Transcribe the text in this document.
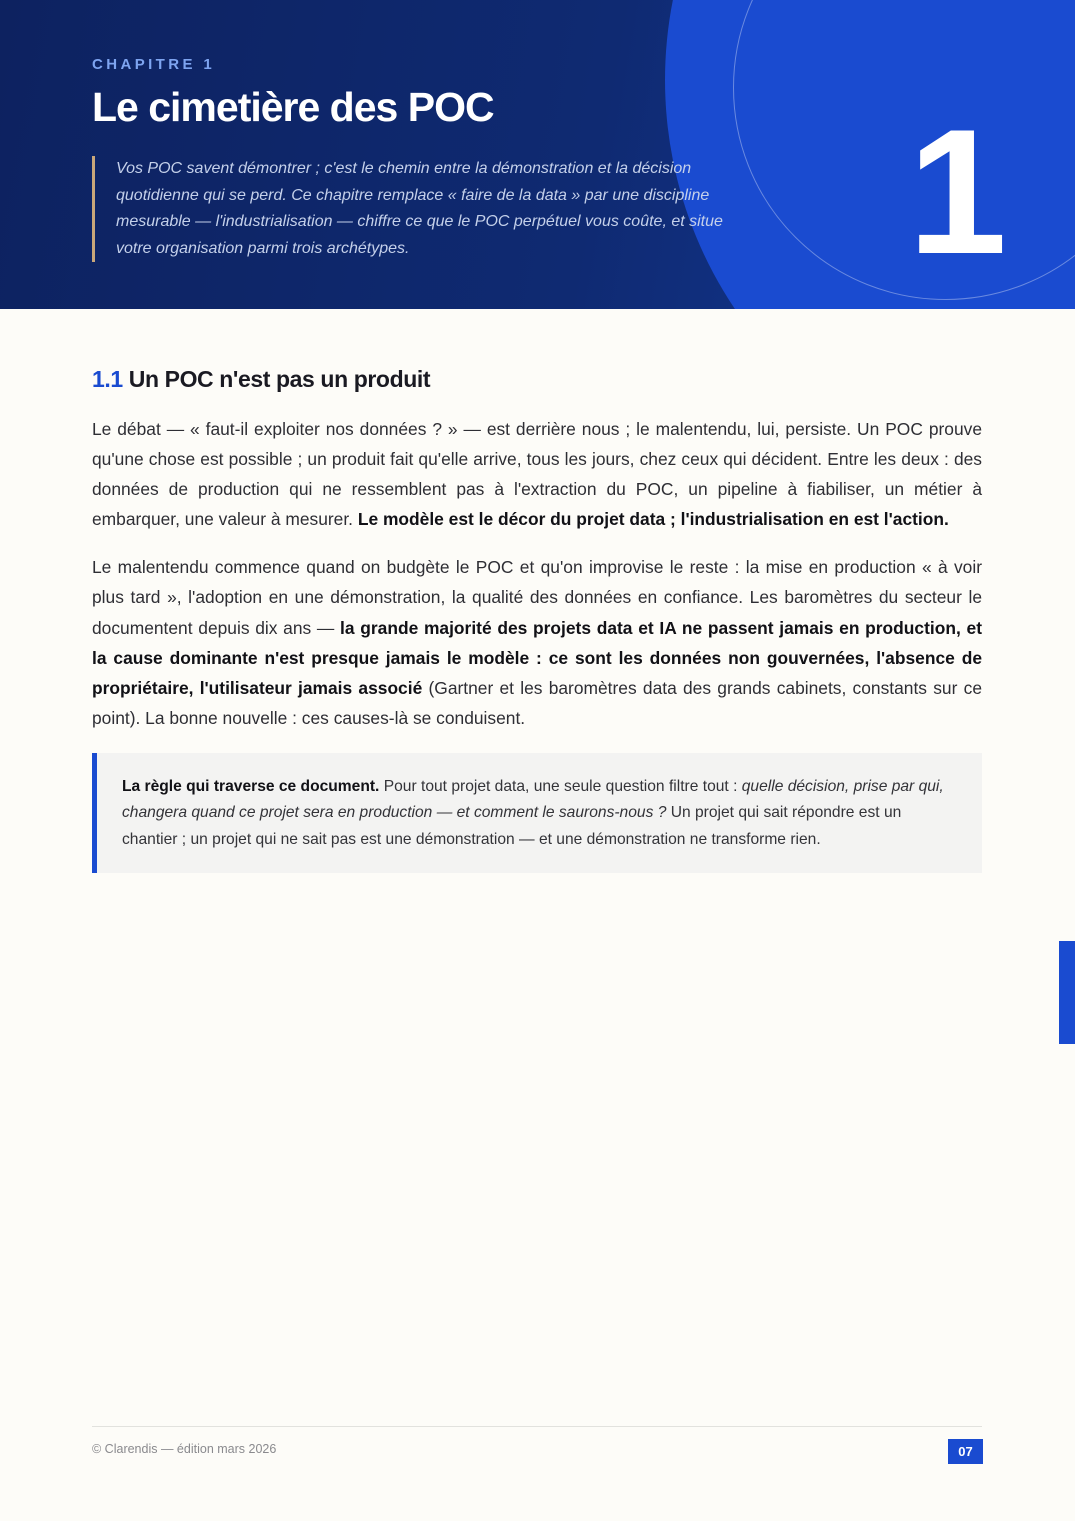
CHAPITRE 1
Le cimetière des POC
Vos POC savent démontrer ; c'est le chemin entre la démonstration et la décision quotidienne qui se perd. Ce chapitre remplace « faire de la data » par une discipline mesurable — l'industrialisation — chiffre ce que le POC perpétuel vous coûte, et situe votre organisation parmi trois archétypes.	1
1.1 Un POC n'est pas un produit

Le débat — « faut-il exploiter nos données ? » — est derrière nous ; le malentendu, lui, persiste. Un POC prouve qu'une chose est possible ; un produit fait qu'elle arrive, tous les jours, chez ceux qui décident. Entre les deux : des données de production qui ne ressemblent pas à l'extraction du POC, un pipeline à fiabiliser, un métier à embarquer, une valeur à mesurer. Le modèle est le décor du projet data ; l'industrialisation en est l'action.

Le malentendu commence quand on budgète le POC et qu'on improvise le reste : la mise en production « à voir plus tard », l'adoption en une démonstration, la qualité des données en confiance. Les baromètres du secteur le documentent depuis dix ans — la grande majorité des projets data et IA ne passent jamais en production, et la cause dominante n'est presque jamais le modèle : ce sont les données non gouvernées, l'absence de propriétaire, l'utilisateur jamais associé (Gartner et les baromètres data des grands cabinets, constants sur ce point). La bonne nouvelle : ces causes-là se conduisent.

La règle qui traverse ce document. Pour tout projet data, une seule question filtre tout : quelle décision, prise par qui, changera quand ce projet sera en production — et comment le saurons-nous ? Un projet qui sait répondre est un chantier ; un projet qui ne sait pas est une démonstration — et une démonstration ne transforme rien.
© Clarendis — édition mars 2026	07
